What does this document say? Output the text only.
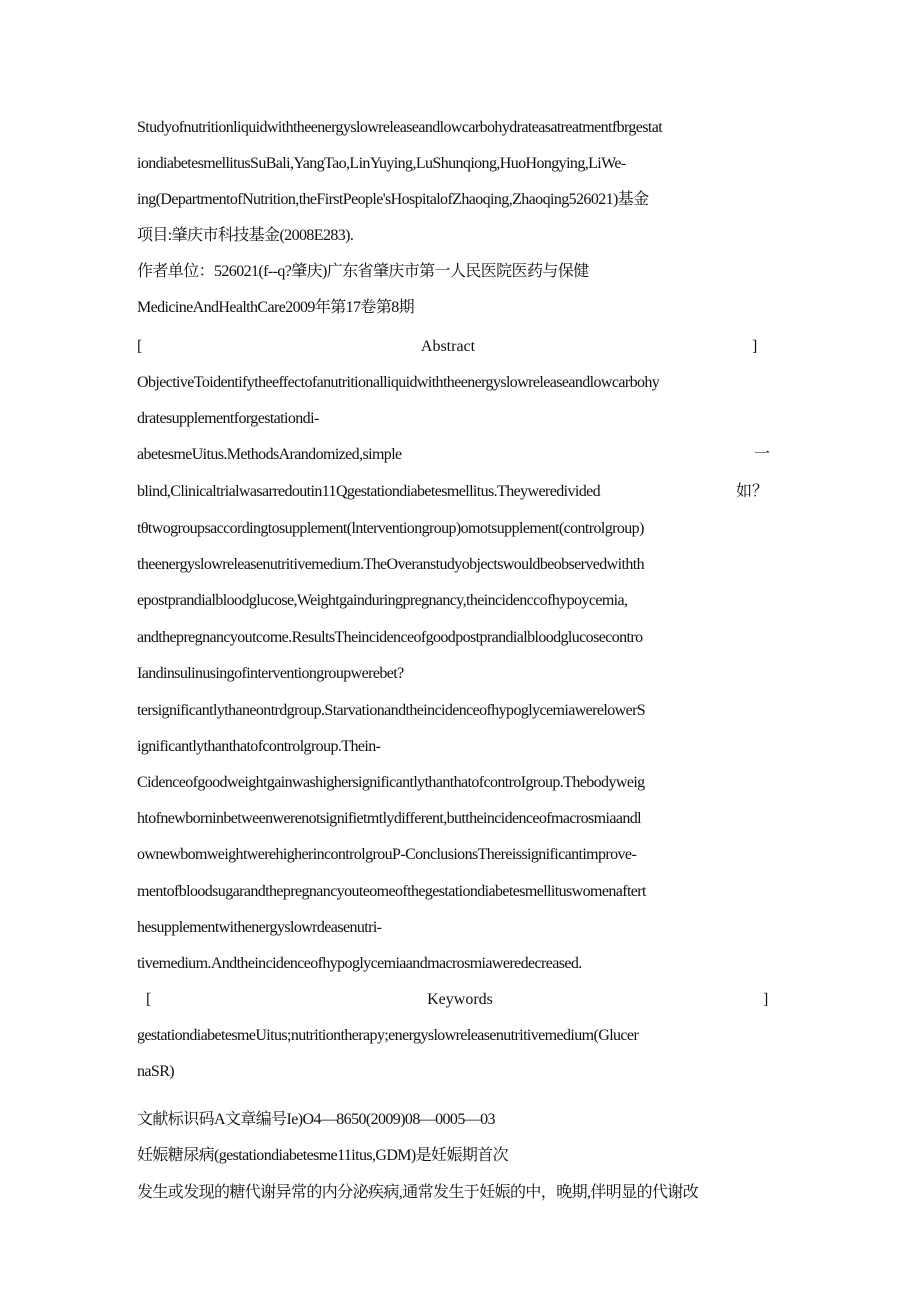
Studyofnutritionliquidwiththeenergyslowreleaseandlowcarbohydrateasatreatmentfbrgestat
iondiabetesmellitusSuBali,YangTao,LinYuying,LuShunqiong,HuoHongying,LiWe-
ing(DepartmentofNutrition,theFirstPeople'sHospitalofZhaoqing,Zhaoqing526021)基金
项目:肇庆市科技基金(2008E283).
作者单位：526021(f--q?肇庆)广东省肇庆市第一人民医院医药与保健
MedicineAndHealthCare2009年第17卷第8期
[	Abstract	]
ObjectiveToidentifytheeffectofanutritionalliquidwiththeenergyslowreleaseandlowcarbohy
dratesupplementforgestationdi-
abetesmeUitus.MethodsArandomized,simple	一
blind,Clinicaltrialwasarredoutin11Qgestationdiabetesmellitus.Theyweredivided	如？
tθtwogroupsaccordingtosupplement(lnterventiongroup)omotsupplement(controlgroup)
theenergyslowreleasenutritivemedium.TheOveranstudyobjectswouldbeobservedwithth
epostprandialbloodglucose,Weightgainduringpregnancy,theincidenccofhypoycemia,
andthepregnancyoutcome.ResultsTheincidenceofgoodpostprandialbloodglucosecontro
Iandinsulinusingofinterventiongroupwerebet?
tersignificantlythaneontrdgroup.StarvationandtheincidenceofhypoglycemiawerelowerS
ignificantlythanthatofcontrolgroup.Thein-
CidenceofgoodweightgainwashighersignificantlythanthatofcontroIgroup.Thebodyweig
htofnewborninbetweenwerenotsignifietmtlydifferent,buttheincidenceofmacrosmiaandl
ownewbomweightwerehigherincontrolgrouP-ConclusionsThereissignificantimprove-
mentofbloodsugarandthepregnancyouteomeofthegestationdiabetesmellituswomenaftert
hesupplementwithenergyslowrdeasenutri-
tivemedium.Andtheincidenceofhypoglycemiaandmacrosmiaweredecreased.
[	Keywords	]
gestationdiabetesmeUitus;nutritiontherapy;energyslowreleasenutritivemedium(Glucer
naSR)
文献标识码A文章编号Ie)O4—8650(2009)08—0005—03
妊娠糖尿病(gestationdiabetesme11itus,GDM)是妊娠期首次
发生或发现的糖代谢异常的内分泌疾病,通常发生于妊娠的中，晚期,伴明显的代谢改
